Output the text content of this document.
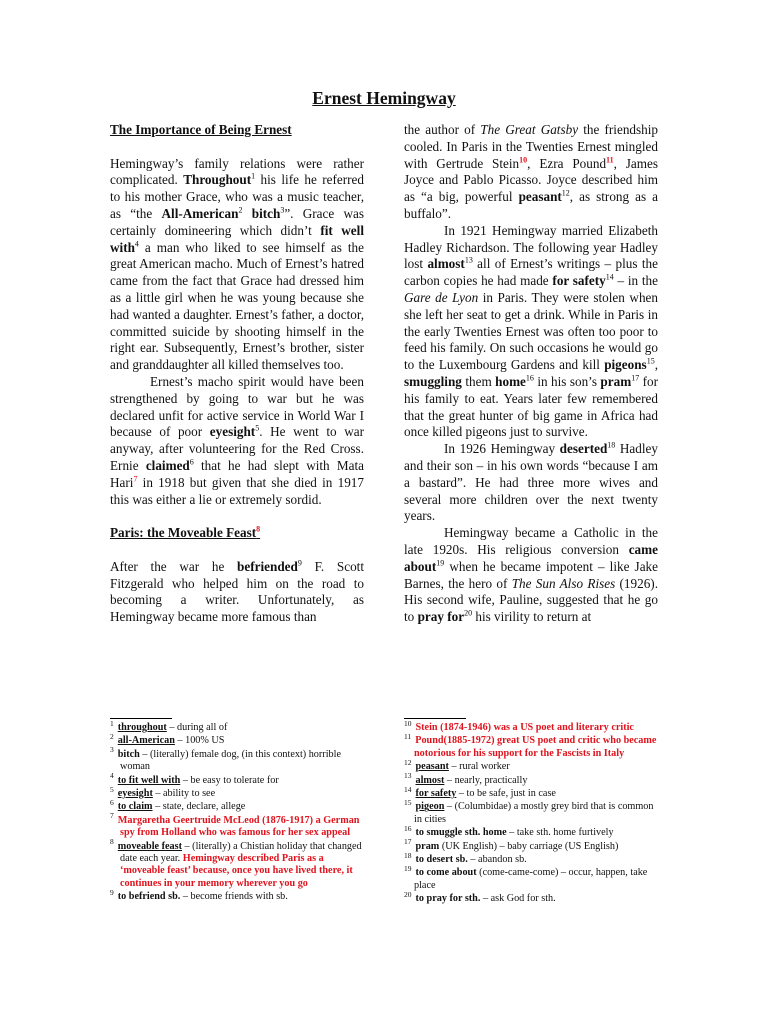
Ernest Hemingway

The Importance of Being Ernest

Hemingway’s family relations were rather complicated. Throughout$^1$ his life he referred to his mother Grace, who was a music teacher, as “the All-American$^2$ bitch$^3$”. Grace was certainly domineering which didn’t fit well with$^4$ a man who liked to see himself as the great American macho. Much of Ernest’s hatred came from the fact that Grace had dressed him as a little girl when he was young because she had wanted a daughter. Ernest’s father, a doctor, committed suicide by shooting himself in the right ear. Subsequently, Ernest’s brother, sister and granddaughter all killed themselves too.

Ernest’s macho spirit would have been strengthened by going to war but he was declared unfit for active service in World War I because of poor eyesight$^5$. He went to war anyway, after volunteering for the Red Cross. Ernie claimed$^6$ that he had slept with Mata Hari$^7$ in 1918 but given that she died in 1917 this was either a lie or extremely sordid.

Paris: the Moveable Feast$^8$

After the war he befriended$^9$ F. Scott Fitzgerald who helped him on the road to becoming a writer. Unfortunately, as Hemingway became more famous than

the author of The Great Gatsby the friendship cooled. In Paris in the Twenties Ernest mingled with Gertrude Stein$^{10}$, Ezra Pound$^{11}$, James Joyce and Pablo Picasso. Joyce described him as “a big, powerful peasant$^{12}$, as strong as a buffalo”.

In 1921 Hemingway married Elizabeth Hadley Richardson. The following year Hadley lost almost$^{13}$ all of Ernest’s writings – plus the carbon copies he had made for safety$^{14}$ – in the Gare de Lyon in Paris. They were stolen when she left her seat to get a drink. While in Paris in the early Twenties Ernest was often too poor to feed his family. On such occasions he would go to the Luxembourg Gardens and kill pigeons$^{15}$, smuggling them home$^{16}$ in his son’s pram$^{17}$ for his family to eat. Years later few remembered that the great hunter of big game in Africa had once killed pigeons just to survive.

In 1926 Hemingway deserted$^{18}$ Hadley and their son – in his own words “because I am a bastard”. He had three more wives and several more children over the next twenty years.

Hemingway became a Catholic in the late 1920s. His religious conversion came about$^{19}$ when he became impotent – like Jake Barnes, the hero of The Sun Also Rises (1926). His second wife, Pauline, suggested that he go to pray for$^{20}$ his virility to return at

$^1$ throughout – during all of

$^2$ all-American – 100% US

$^3$ bitch – (literally) female dog, (in this context) horrible woman

$^4$ to fit well with – be easy to tolerate for

$^5$ eyesight – ability to see

$^6$ to claim – state, declare, allege

$^7$ Margaretha Geertruide McLeod (1876-1917) a German spy from Holland who was famous for her sex appeal

$^8$ moveable feast – (literally) a Chistian holiday that changed date each year. Hemingway described Paris as a ‘moveable feast’ because, once you have lived there, it continues in your memory wherever you go

$^9$ to befriend sb. – become friends with sb.

$^{10}$ Stein (1874-1946) was a US poet and literary critic

$^{11}$ Pound(1885-1972) great US poet and critic who became notorious for his support for the Fascists in Italy

$^{12}$ peasant – rural worker

$^{13}$ almost – nearly, practically

$^{14}$ for safety – to be safe, just in case

$^{15}$ pigeon – (Columbidae) a mostly grey bird that is common in cities

$^{16}$ to smuggle sth. home – take sth. home furtively

$^{17}$ pram (UK English) – baby carriage (US English)

$^{18}$ to desert sb. – abandon sb.

$^{19}$ to come about (come-came-come) – occur, happen, take place

$^{20}$ to pray for sth. – ask God for sth.
